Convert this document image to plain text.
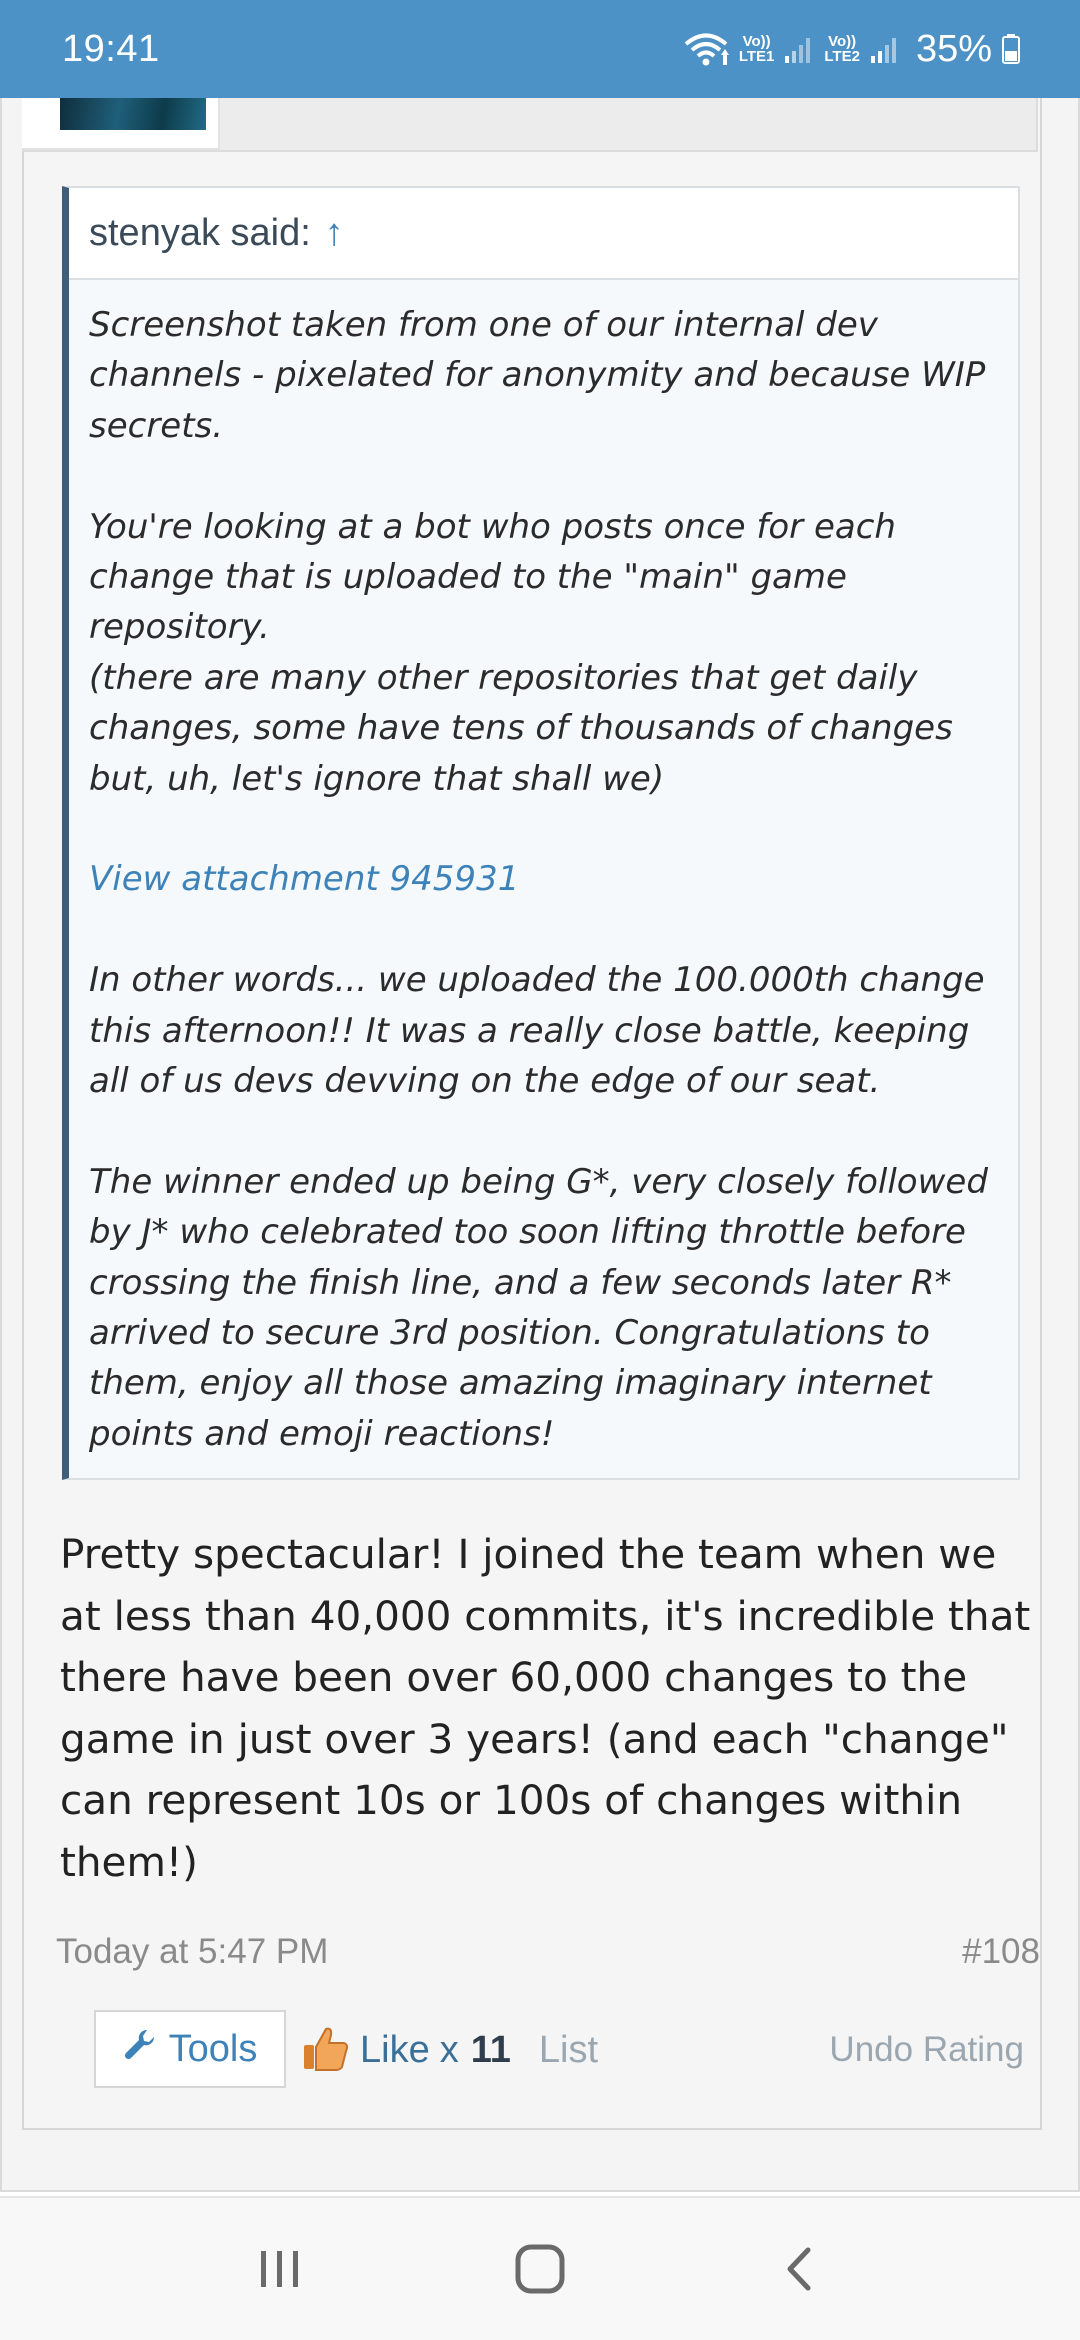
19:41	Vo))
LTE1
Vo))
LTE2 35%
stenyak said: ↑

Screenshot taken from one of our internal dev channels - pixelated for anonymity and because WIP secrets.

You're looking at a bot who posts once for each change that is uploaded to the "main" game repository.

(there are many other repositories that get daily changes, some have tens of thousands of changes but, uh, let's ignore that shall we)

View attachment 945931

In other words... we uploaded the 100.000th change this afternoon!! It was a really close battle, keeping all of us devs devving on the edge of our seat.

The winner ended up being G*, very closely followed by J* who celebrated too soon lifting throttle before crossing the finish line, and a few seconds later R* arrived to secure 3rd position. Congratulations to them, enjoy all those amazing imaginary internet points and emoji reactions!

Pretty spectacular! I joined the team when we at less than 40,000 commits, it's incredible that there have been over 60,000 changes to the game in just over 3 years! (and each "change" can represent 10s or 100s of changes within them!)
Today at 5:47 PM	#108
Tools	Like x 11 List	Undo Rating
